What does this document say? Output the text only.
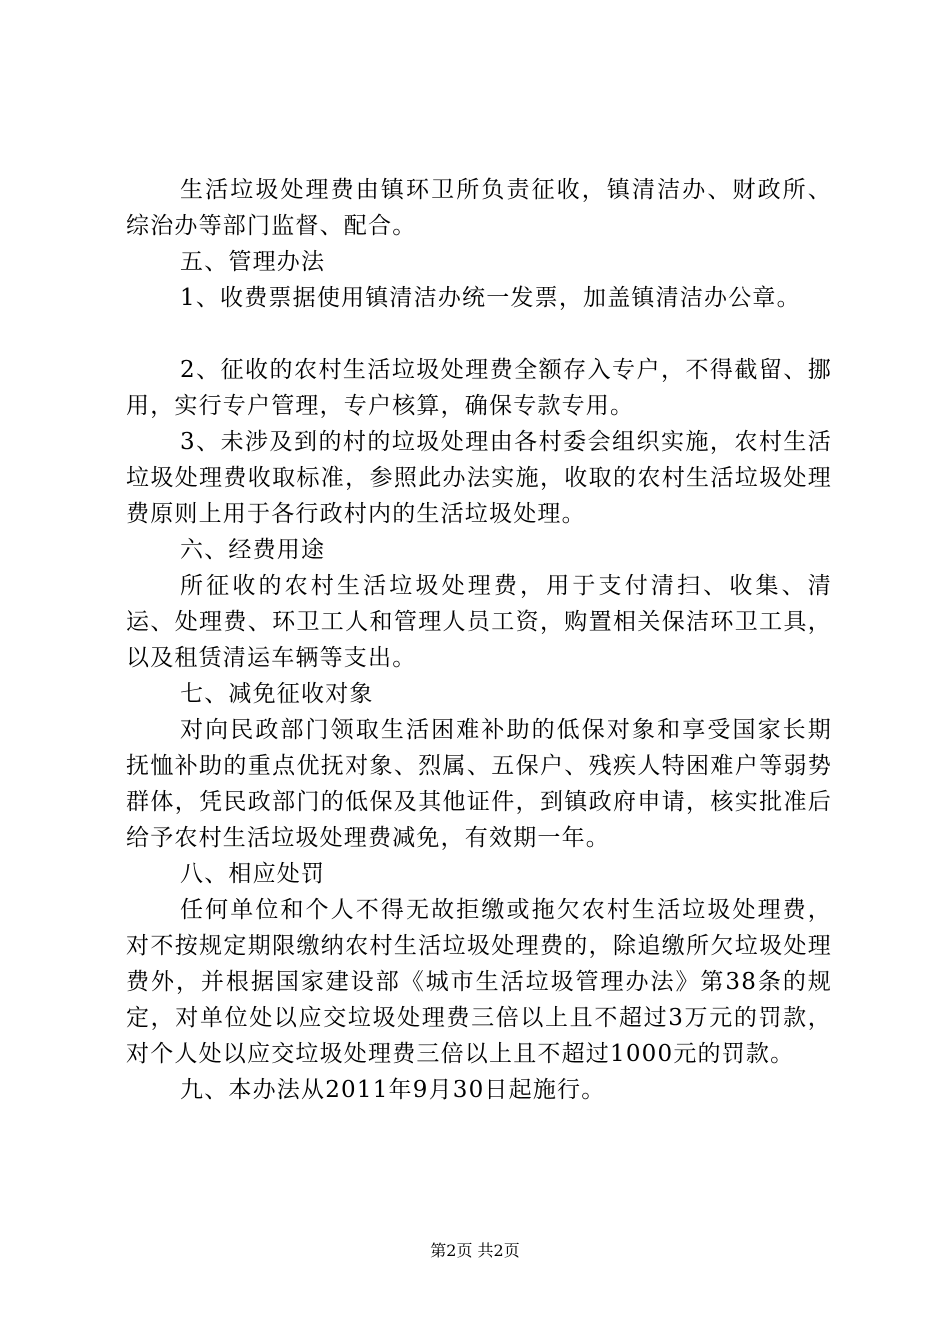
生活垃圾处理费由镇环卫所负责征收，镇清洁办、财政所、综治办等部门监督、配合。

五、管理办法

1、收费票据使用镇清洁办统一发票，加盖镇清洁办公章。

2、征收的农村生活垃圾处理费全额存入专户，不得截留、挪用，实行专户管理，专户核算，确保专款专用。

3、未涉及到的村的垃圾处理由各村委会组织实施，农村生活垃圾处理费收取标准，参照此办法实施，收取的农村生活垃圾处理费原则上用于各行政村内的生活垃圾处理。

六、经费用途

所征收的农村生活垃圾处理费，用于支付清扫、收集、清运、处理费、环卫工人和管理人员工资，购置相关保洁环卫工具，以及租赁清运车辆等支出。

七、减免征收对象

对向民政部门领取生活困难补助的低保对象和享受国家长期抚恤补助的重点优抚对象、烈属、五保户、残疾人特困难户等弱势群体，凭民政部门的低保及其他证件，到镇政府申请，核实批准后给予农村生活垃圾处理费减免，有效期一年。

八、相应处罚

任何单位和个人不得无故拒缴或拖欠农村生活垃圾处理费，对不按规定期限缴纳农村生活垃圾处理费的，除追缴所欠垃圾处理费外，并根据国家建设部《城市生活垃圾管理办法》第38条的规定，对单位处以应交垃圾处理费三倍以上且不超过3万元的罚款，对个人处以应交垃圾处理费三倍以上且不超过1000元的罚款。

九、本办法从2011年9月30日起施行。

第2页 共2页
